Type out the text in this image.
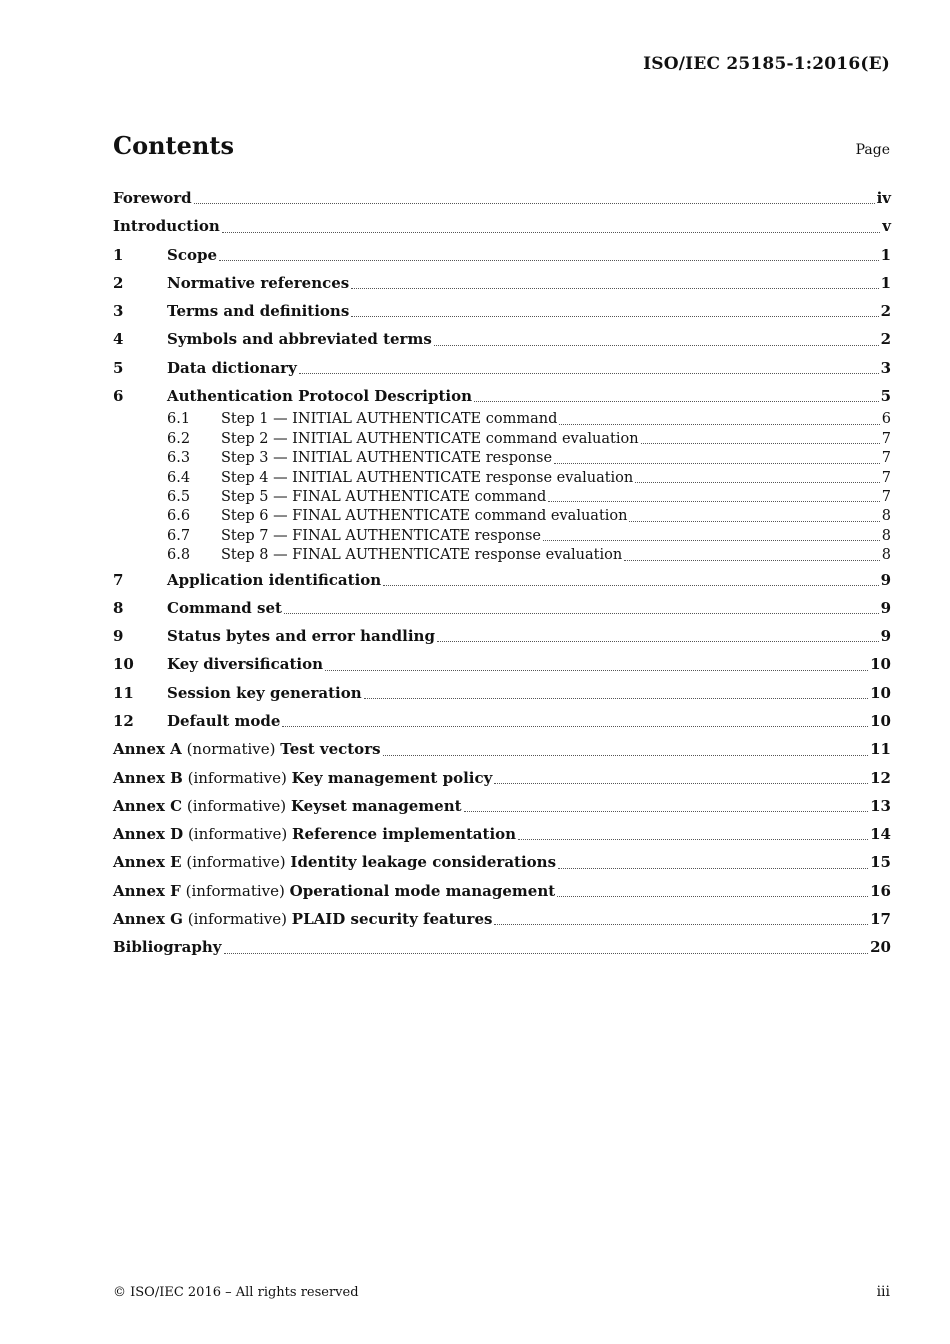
ISO/IEC 25185-1:2016(E)
Contents	Page
Foreword	iv
Introduction	v
1	Scope	1
2	Normative references	1
3	Terms and definitions	2
4	Symbols and abbreviated terms	2
5	Data dictionary	3
6	Authentication Protocol Description	5
6.1	Step 1 — INITIAL AUTHENTICATE command	6
6.2	Step 2 — INITIAL AUTHENTICATE command evaluation	7
6.3	Step 3 — INITIAL AUTHENTICATE response	7
6.4	Step 4 — INITIAL AUTHENTICATE response evaluation	7
6.5	Step 5 — FINAL AUTHENTICATE command	7
6.6	Step 6 — FINAL AUTHENTICATE command evaluation	8
6.7	Step 7 — FINAL AUTHENTICATE response	8
6.8	Step 8 — FINAL AUTHENTICATE response evaluation	8
7	Application identification	9
8	Command set	9
9	Status bytes and error handling	9
10	Key diversification	10
11	Session key generation	10
12	Default mode	10
Annex A (normative) Test vectors	11
Annex B (informative) Key management policy	12
Annex C (informative) Keyset management	13
Annex D (informative) Reference implementation	14
Annex E (informative) Identity leakage considerations	15
Annex F (informative) Operational mode management	16
Annex G (informative) PLAID security features	17
Bibliography	20
© ISO/IEC 2016 – All rights reserved	iii
